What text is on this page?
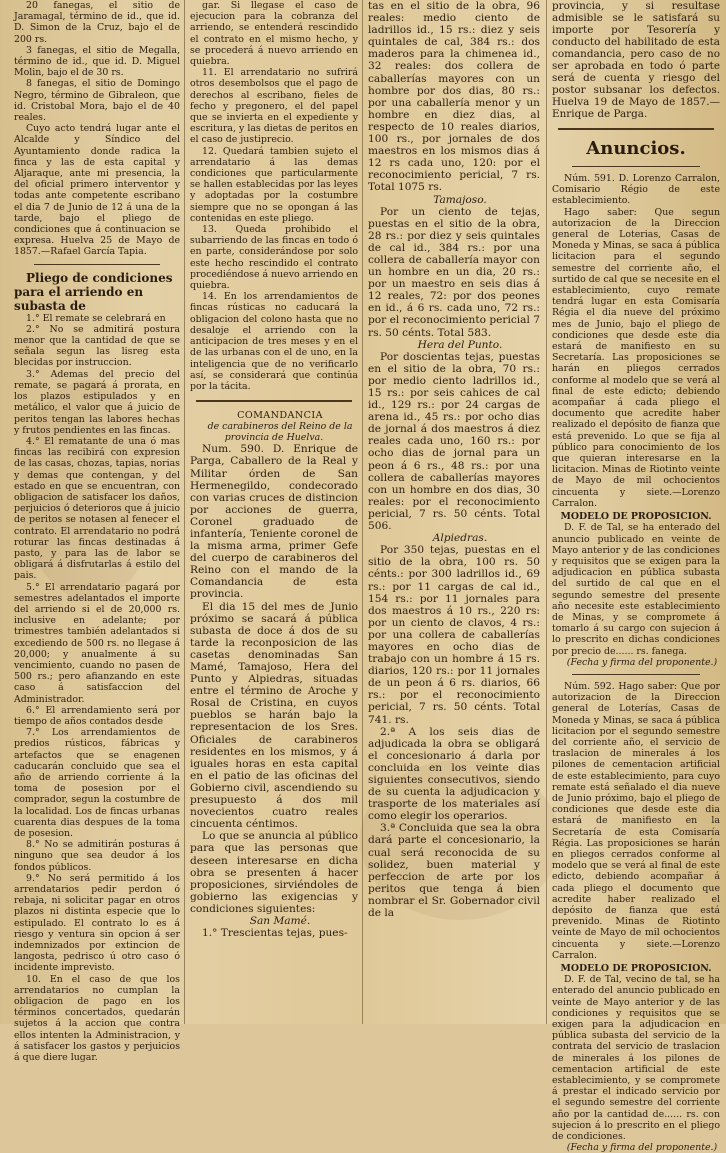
20 fanegas, el sitio de Jaramagal, término de id., que id. D. Simon de la Cruz, bajo el de 200 rs.

3 fanegas, el sitio de Megalla, término de id., que id. D. Miguel Molin, bajo el de 30 rs.

8 fanegas, el sitio de Domingo Negro, término de Gibraleon, que id. Cristobal Mora, bajo el de 40 reales.

Cuyo acto tendrá lugar ante el Alcalde y Síndico del Ayuntamiento donde radica la finca y las de esta capital y Aljaraque, ante mi presencia, la del oficial primero interventor y todas ante competente escribano el dia 7 de Junio de 12 á una de la tarde, bajo el pliego de condiciones que á continuacion se expresa. Huelva 25 de Mayo de 1857.—Rafael García Tapia.

Pliego de condiciones para el arriendo en subasta de

1.° El remate se celebrará en

2.° No se admitirá postura menor que la cantidad de que se señala segun las lisreg esta blecidas por instruccion.

3.° Ademas del precio del remate, se pagará á prorata, en los plazos estipulados y en metálico, el valor que á juicio de peritos tengan las labores hechas y frutos pendientes en las fincas.

4.° El rematante de una ó mas fincas las recibirá con expresion de las casas, chozas, tapias, norias y demas que contengan, y del estado en que se encuentran, con obligacion de satisfacer los daños, perjuicios ó deterioros que á juicio de peritos se notasen al fenecer el contrato. El arrendatario no podrá roturar las fincas destinadas á pasto, y para las de labor se obligará á disfrutarlas á estilo del pais.

5.° El arrendatario pagará por semestres adelantados el importe del arriendo si el de 20,000 rs. inclusive en adelante; por trimestres también adelantados si excediendo de 500 rs. no llegase á 20,000; y anualmente á su vencimiento, cuando no pasen de 500 rs.; pero afianzando en este caso á satisfaccion del Administrador.

6.° El arrendamiento será por tiempo de años contados desde

7.° Los arrendamientos de predios rústicos, fábricas y artefactos que se enagenen caducarán concluido que sea el año de arriendo corriente á la toma de posesion por el comprador, segun la costumbre de la localidad. Los de fincas urbanas cuarenta dias despues de la toma de posesion.

8.° No se admitirán posturas á ninguno que sea deudor á los fondos públicos.

9.° No será permitido á los arrendatarios pedir perdon ó rebaja, ni solicitar pagar en otros plazos ni distinta especie que lo estipulado. El contrato lo es á riesgo y ventura sin opcion á ser indemnizados por extincion de langosta, pedrisco ú otro caso ó incidente imprevisto.

10. En el caso de que los arrendatarios no cumplan la obligacion de pago en los términos concertados, quedarán sujetos á la accion que contra ellos intenten la Administracion, y á satisfacer los gastos y perjuicios á que diere lugar.

gar. Si llegase el caso de ejecucion para la cobranza del arriendo, se entenderá rescindido el contrato en el mismo hecho, y se procederá á nuevo arriendo en quiebra.

11. El arrendatario no sufrirá otros desembolsos que el pago de derechos al escribano, fieles de fecho y pregonero, el del papel que se invierta en el expediente y escritura, y las dietas de peritos en el caso de justiprecio.

12. Quedará tambien sujeto el arrendatario á las demas condiciones que particularmente se hallen establecidas por las leyes y adoptadas por la costumbre siempre que no se opongan á las contenidas en este pliego.

13. Queda prohibido el subarriendo de las fincas en todo ó en parte, considerándose por solo este hecho rescindido el contrato procediéndose á nuevo arriendo en quiebra.

14. En los arrendamientos de fincas rústicas no caducará la obligacion del colono hasta que no desaloje el arriendo con la anticipacion de tres meses y en el de las urbanas con el de uno, en la inteligencia que de no verificarlo así, se considerará que continúa por la tácita.

COMANDANCIA

de carabineros del Reino de la provincia de Huelva.

Num. 590. D. Enrique de Parga, Caballero de la Real y Militar órden de San Hermenegildo, condecorado con varias cruces de distincion por acciones de guerra, Coronel graduado de infantería, Teniente coronel de la misma arma, primer Gefe del cuerpo de carabineros del Reino con el mando de la Comandancia de esta provincia.

El dia 15 del mes de Junio próximo se sacará á pública subasta de doce á dos de su tarde la reconposicion de las casetas denominadas San Mamé, Tamajoso, Hera del Punto y Alpiedras, situadas entre el término de Aroche y Rosal de Cristina, en cuyos pueblos se harán bajo la representacion de los Sres. Oficiales de carabineros residentes en los mismos, y á iguales horas en esta capital en el patio de las oficinas del Gobierno civil, ascendiendo su presupuesto á dos mil novecientos cuatro reales cincuenta céntimos.

Lo que se anuncia al público para que las personas que deseen interesarse en dicha obra se presenten á hacer proposiciones, sirviéndoles de gobierno las exigencias y condiciones siguientes:

San Mamé.

1.° Trescientas tejas, pues-

tas en el sitio de la obra, 96 reales: medio ciento de ladrillos id., 15 rs.: diez y seis quintales de cal, 384 rs.: dos maderos para la chimenea id., 32 reales: dos collera de caballerías mayores con un hombre por dos dias, 80 rs.: por una caballería menor y un hombre en diez dias, al respecto de 10 reales diarios, 100 rs., por jornales de dos maestros en los mismos dias á 12 rs cada uno, 120: por el reconocimiento pericial, 7 rs. Total 1075 rs.

Tamajoso.

Por un ciento de tejas, puestas en el sitio de la obra, 28 rs.: por diez y seis quintales de cal id., 384 rs.: por una collera de caballería mayor con un hombre en un dia, 20 rs.: por un maestro en seis dias á 12 reales, 72: por dos peones en id., á 6 rs. cada uno, 72 rs.: por el reconocimiento pericial 7 rs. 50 cénts. Total 583.

Hera del Punto.

Por doscientas tejas, puestas en el sitio de la obra, 70 rs.: por medio ciento ladrillos id., 15 rs.: por seis cahices de cal id., 129 rs.: por 24 cargas de arena id., 45 rs.: por ocho dias de jornal á dos maestros á diez reales cada uno, 160 rs.: por ocho dias de jornal para un peon á 6 rs., 48 rs.: por una collera de caballerías mayores con un hombre en dos dias, 30 reales: por el reconocimiento pericial, 7 rs. 50 cénts. Total 506.

Alpiedras.

Por 350 tejas, puestas en el sitio de la obra, 100 rs. 50 cénts.: por 300 ladrillos id., 69 rs.: por 11 cargas de cal id., 154 rs.: por 11 jornales para dos maestros á 10 rs., 220 rs: por un ciento de clavos, 4 rs.: por una collera de caballerías mayores en ocho dias de trabajo con un hombre á 15 rs. diarios, 120 rs.: por 11 jornales de un peon á 6 rs. diarios, 66 rs.: por el reconocimiento pericial, 7 rs. 50 cénts. Total 741. rs.

2.ª A los seis dias de adjudicada la obra se obligará el concesionario á darla por concluida en los veinte dias siguientes consecutivos, siendo de su cuenta la adjudicacion y trasporte de los materiales así como elegir los operarios.

3.ª Concluida que sea la obra dará parte el concesionario, la cual será reconocida de su solidez, buen material y perfeccion de arte por los peritos que tenga á bien nombrar el Sr. Gobernador civil de la

provincia, y si resultase admisible se le satisfará su importe por Tesorería y conducto del habilitado de esta comandancia, pero caso de no ser aprobada en todo ó parte será de cuenta y riesgo del postor subsanar los defectos. Huelva 19 de Mayo de 1857.—Enrique de Parga.

Anuncios.

Núm. 591. D. Lorenzo Carralon, Comisario Régio de este establecimiento.

Hago saber: Que segun autorizacion de la Direccion general de Loterias, Casas de Moneda y Minas, se saca á pública licitacion para el segundo semestre del corriente año, el surtido de cal que se necesite en el establecimiento, cuyo remate tendrá lugar en esta Comisaría Régia el dia nueve del próximo mes de Junio, bajo el pliego de condiciones que desde este dia estará de manifiesto en su Secretaría. Las proposiciones se harán en pliegos cerrados conforme al modelo que se verá al final de este edicto; debiendo acompañar á cada pliego el documento que acredite haber realizado el depósito de fianza que está prevenido. Lo que se fija al público para conocimiento de los que quieran interesarse en la licitacion. Minas de Riotinto veinte de Mayo de mil ochocientos cincuenta y siete.—Lorenzo Carralon.

MODELO DE PROPOSICION.

D. F. de Tal, se ha enterado del anuncio publicado en veinte de Mayo anterior y de las condiciones y requisitos que se exigen para la adjudicacion en pública subasta del surtido de cal que en el segundo semestre del presente año necesite este establecimiento de Minas, y se compromete á tomarlo á su cargo con sujecion á lo prescrito en dichas condiciones por precio de...... rs. fanega.

(Fecha y firma del proponente.)

Núm. 592. Hago saber: Que por autorizacion de la Direccion general de Loterías, Casas de Moneda y Minas, se saca á pública licitacion por el segundo semestre del corriente año, el servicio de traslacion de minerales á los pilones de cementacion artificial de este establecimiento, para cuyo remate está señalado el dia nueve de Junio próximo, bajo el pliego de condiciones que desde este dia estará de manifiesto en la Secretaría de esta Comisaría Régia. Las proposiciones se harán en pliegos cerrados conforme al modelo que se verá al final de este edicto, debiendo acompañar á cada pliego el documento que acredite haber realizado el depósito de fianza que está prevenido. Minas de Riotinto veinte de Mayo de mil ochocientos cincuenta y siete.—Lorenzo Carralon.

MODELO DE PROPOSICION.

D. F. de Tal, vecino de tal, se ha enterado del anuncio publicado en veinte de Mayo anterior y de las condiciones y requisitos que se exigen para la adjudicacion en pública subasta del servicio de la contrata del servicio de traslacion de minerales á los pilones de cementacion artificial de este establecimiento, y se compromete á prestar el indicado servicio por el segundo semestre del corriente año por la cantidad de...... rs. con sujecion á lo prescrito en el pliego de condiciones.

(Fecha y firma del proponente.)
